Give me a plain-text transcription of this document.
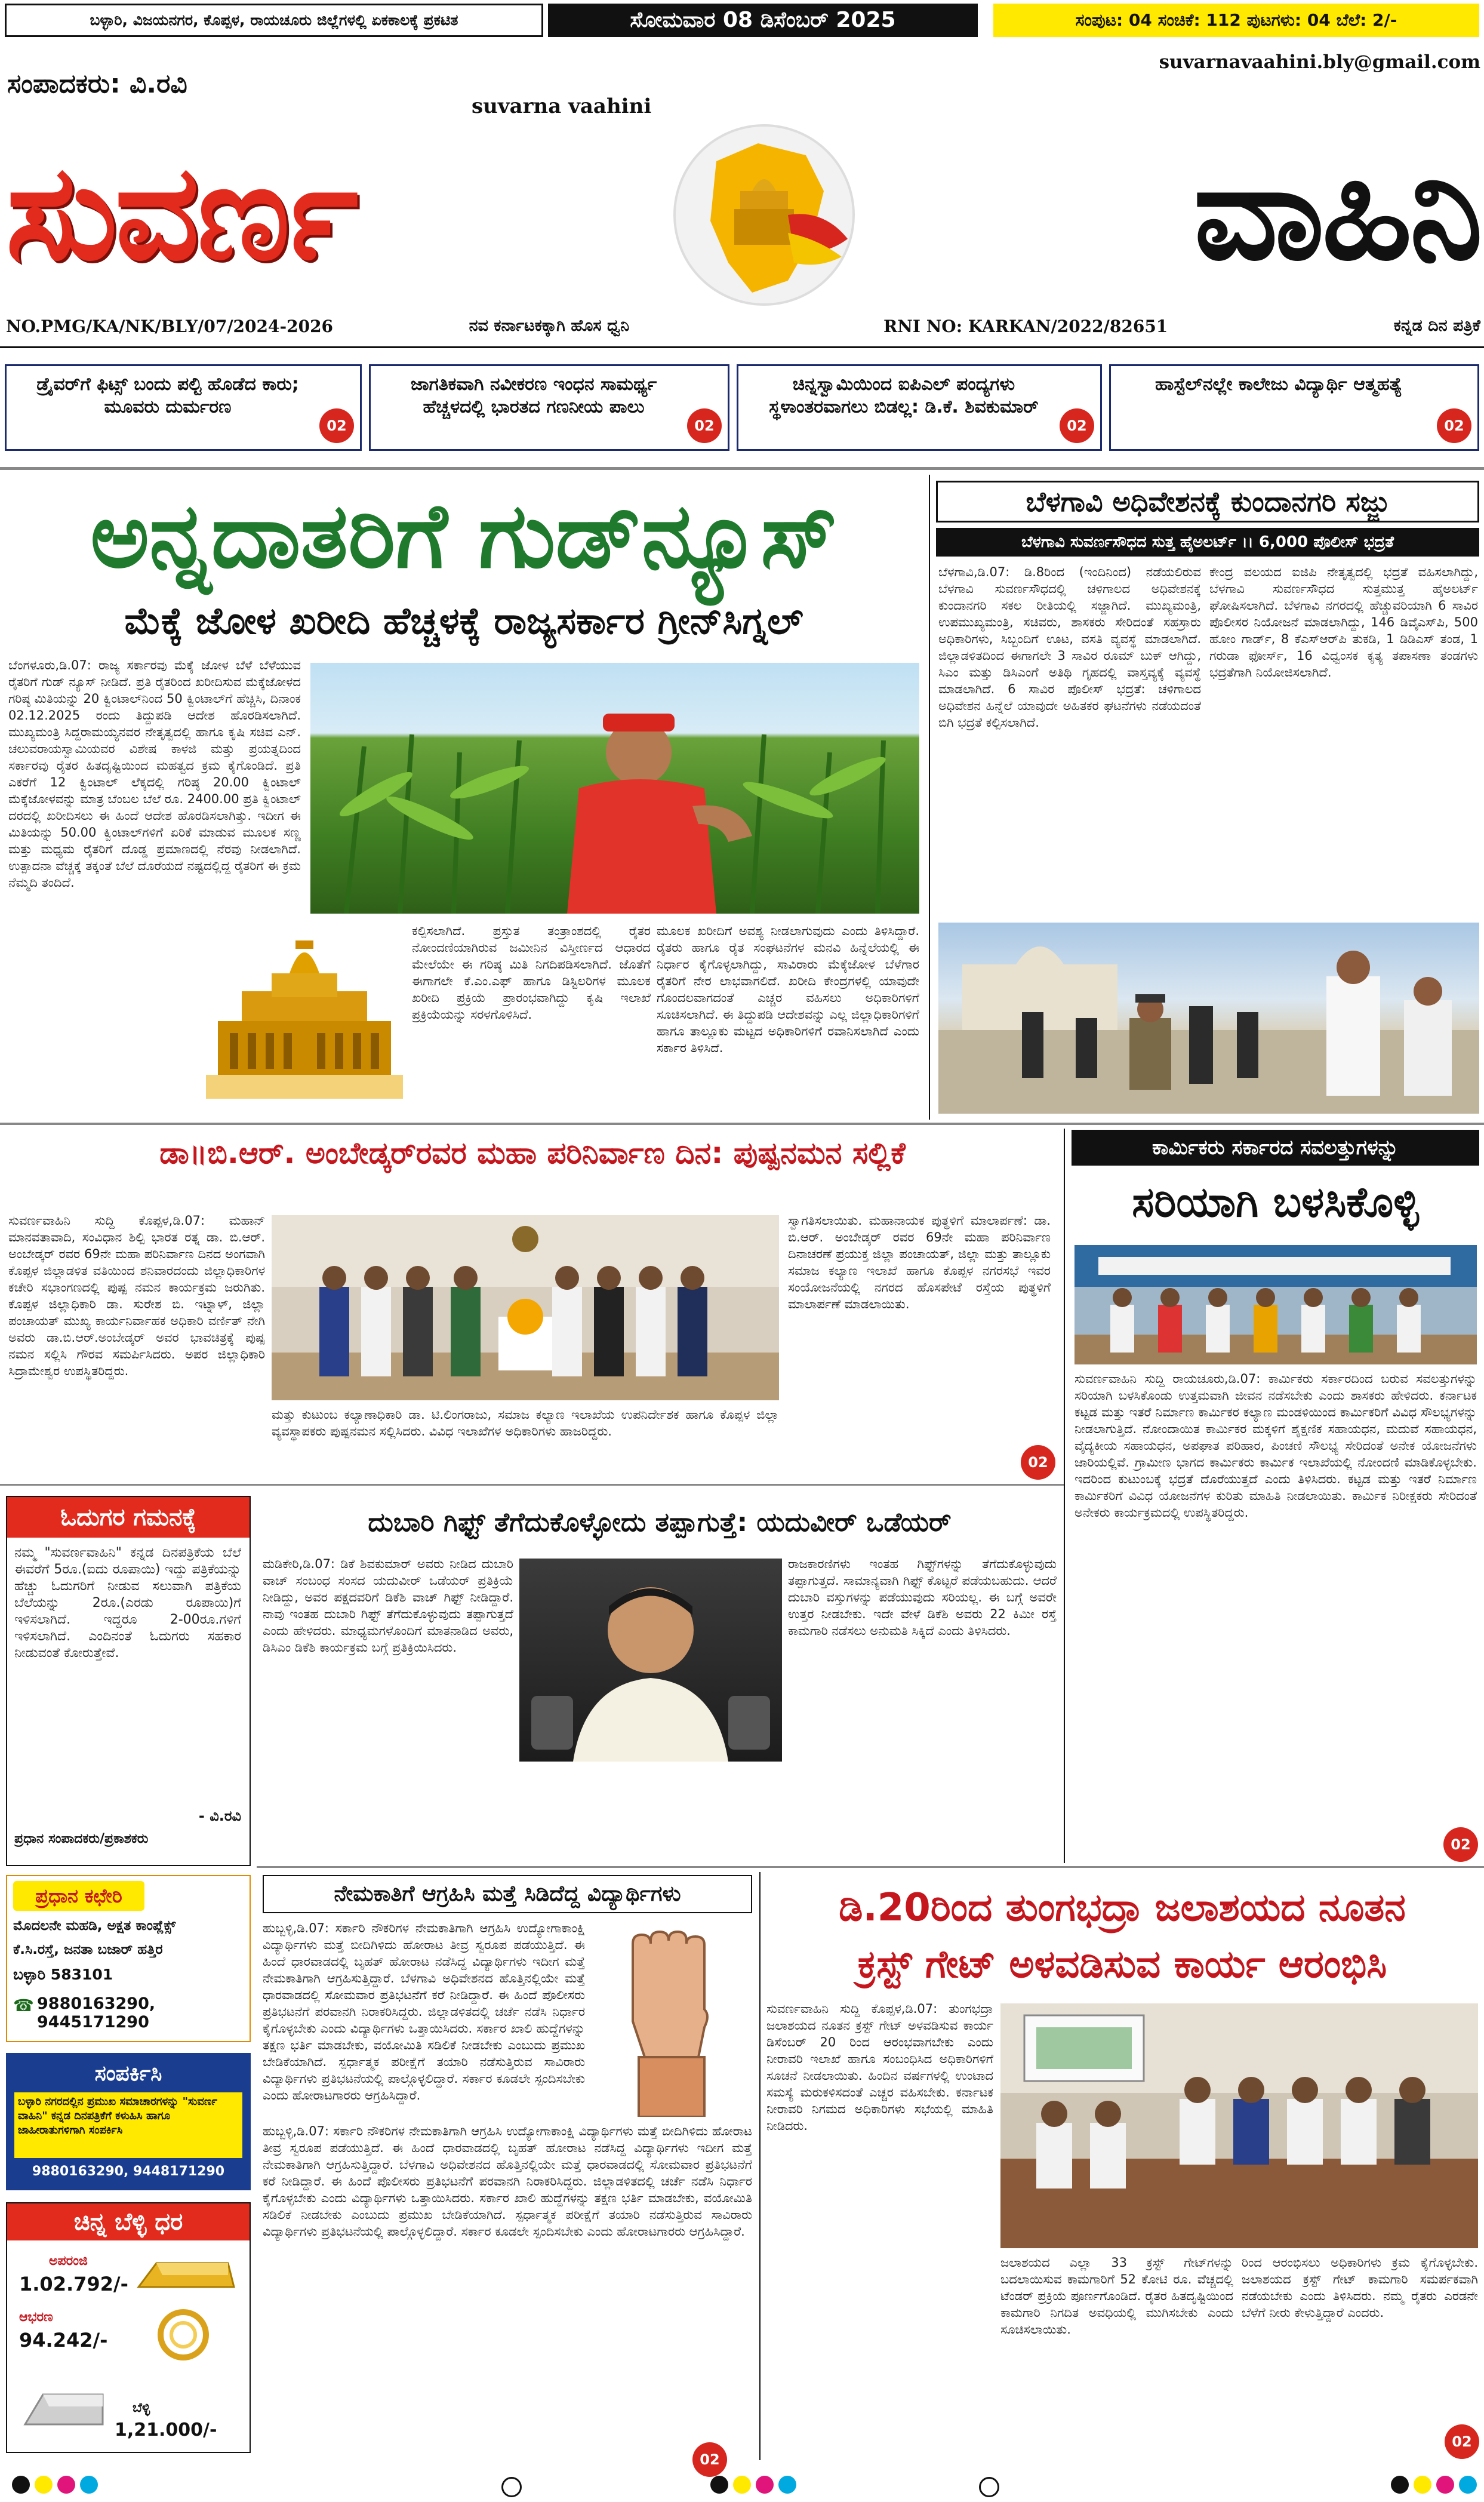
ಬಳ್ಳಾರಿ, ವಿಜಯನಗರ, ಕೊಪ್ಪಳ, ರಾಯಚೂರು ಜಿಲ್ಲೆಗಳಲ್ಲಿ ಏಕಕಾಲಕ್ಕೆ ಪ್ರಕಟಿತ	ಸೋಮವಾರ 08 ಡಿಸೆಂಬರ್ 2025	ಸಂಪುಟ: 04 ಸಂಚಿಕೆ: 112 ಪುಟಗಳು: 04 ಬೆಲೆ: 2/-
suvarnavaahini.bly@gmail.com
ಸಂಪಾದಕರು: ವಿ.ರವಿ
suvarna vaahini
ಸುವರ್ಣ	ವಾಹಿನಿ
NO.PMG/KA/NK/BLY/07/2024-2026	ನವ ಕರ್ನಾಟಕಕ್ಕಾಗಿ ಹೊಸ ಧ್ವನಿ	RNI NO: KARKAN/2022/82651	ಕನ್ನಡ ದಿನ ಪತ್ರಿಕೆ
ಡ್ರೈವರ್‌ಗೆ ಫಿಟ್ಸ್ ಬಂದು ಪಲ್ಟಿ ಹೊಡೆದ ಕಾರು; ಮೂವರು ದುರ್ಮರಣ
02
ಜಾಗತಿಕವಾಗಿ ನವೀಕರಣ ಇಂಧನ ಸಾಮರ್ಥ್ಯ ಹೆಚ್ಚಳದಲ್ಲಿ ಭಾರತದ ಗಣನೀಯ ಪಾಲು
02
ಚಿನ್ನಸ್ವಾಮಿಯಿಂದ ಐಪಿಎಲ್ ಪಂದ್ಯಗಳು ಸ್ಥಳಾಂತರವಾಗಲು ಬಿಡಲ್ಲ: ಡಿ.ಕೆ. ಶಿವಕುಮಾರ್
02
ಹಾಸ್ಟೆಲ್‌ನಲ್ಲೇ ಕಾಲೇಜು ವಿದ್ಯಾರ್ಥಿ ಆತ್ಮಹತ್ಯೆ
02
ಅನ್ನದಾತರಿಗೆ ಗುಡ್‌ನ್ಯೂಸ್
ಮೆಕ್ಕೆ ಜೋಳ ಖರೀದಿ ಹೆಚ್ಚಳಕ್ಕೆ ರಾಜ್ಯಸರ್ಕಾರ ಗ್ರೀನ್‌ಸಿಗ್ನಲ್
ಬೆಂಗಳೂರು,ಡಿ.07: ರಾಜ್ಯ ಸರ್ಕಾರವು ಮೆಕ್ಕೆ ಜೋಳ ಬೆಳೆ ಬೆಳೆಯುವ ರೈತರಿಗೆ ಗುಡ್ ನ್ಯೂಸ್ ನೀಡಿದೆ. ಪ್ರತಿ ರೈತರಿಂದ ಖರೀದಿಸುವ ಮೆಕ್ಕೆಜೋಳದ ಗರಿಷ್ಠ ಮಿತಿಯನ್ನು 20 ಕ್ವಿಂಟಾಲ್‌ನಿಂದ 50 ಕ್ವಿಂಟಾಲ್‌ಗೆ ಹೆಚ್ಚಿಸಿ, ದಿನಾಂಕ 02.12.2025 ರಂದು ತಿದ್ದುಪಡಿ ಆದೇಶ ಹೊರಡಿಸಲಾಗಿದೆ. ಮುಖ್ಯಮಂತ್ರಿ ಸಿದ್ದರಾಮಯ್ಯನವರ ನೇತೃತ್ವದಲ್ಲಿ ಹಾಗೂ ಕೃಷಿ ಸಚಿವ ಎನ್. ಚಲುವರಾಯಸ್ವಾಮಿಯವರ ವಿಶೇಷ ಕಾಳಜಿ ಮತ್ತು ಪ್ರಯತ್ನದಿಂದ ಸರ್ಕಾರವು ರೈತರ ಹಿತದೃಷ್ಟಿಯಿಂದ ಮಹತ್ವದ ಕ್ರಮ ಕೈಗೊಂಡಿದೆ. ಪ್ರತಿ ಎಕರೆಗೆ 12 ಕ್ವಿಂಟಾಲ್ ಲೆಕ್ಕದಲ್ಲಿ ಗರಿಷ್ಠ 20.00 ಕ್ವಿಂಟಾಲ್ ಮೆಕ್ಕೆಜೋಳವನ್ನು ಮಾತ್ರ ಬೆಂಬಲ ಬೆಲೆ ರೂ. 2400.00 ಪ್ರತಿ ಕ್ವಿಂಟಾಲ್ ದರದಲ್ಲಿ ಖರೀದಿಸಲು ಈ ಹಿಂದೆ ಆದೇಶ ಹೊರಡಿಸಲಾಗಿತ್ತು. ಇದೀಗ ಈ ಮಿತಿಯನ್ನು 50.00 ಕ್ವಿಂಟಾಲ್‌ಗಳಿಗೆ ಏರಿಕೆ ಮಾಡುವ ಮೂಲಕ ಸಣ್ಣ ಮತ್ತು ಮಧ್ಯಮ ರೈತರಿಗೆ ದೊಡ್ಡ ಪ್ರಮಾಣದಲ್ಲಿ ನೆರವು ನೀಡಲಾಗಿದೆ. ಉತ್ಪಾದನಾ ವೆಚ್ಚಕ್ಕೆ ತಕ್ಕಂತೆ ಬೆಲೆ ದೊರೆಯದೆ ನಷ್ಟದಲ್ಲಿದ್ದ ರೈತರಿಗೆ ಈ ಕ್ರಮ ನೆಮ್ಮದಿ ತಂದಿದೆ.
ಕಲ್ಪಿಸಲಾಗಿದೆ. ಪ್ರಸ್ತುತ ತಂತ್ರಾಂಶದಲ್ಲಿ ರೈತರ ನೋಂದಣಿಯಾಗಿರುವ ಜಮೀನಿನ ವಿಸ್ತೀರ್ಣದ ಆಧಾರದ ಮೇಲೆಯೇ ಈ ಗರಿಷ್ಠ ಮಿತಿ ನಿಗದಿಪಡಿಸಲಾಗಿದೆ. ಜೊತೆಗೆ ಈಗಾಗಲೇ ಕೆ.ಎಂ.ಎಫ್ ಹಾಗೂ ಡಿಸ್ಟಿಲರಿಗಳ ಮೂಲಕ ಖರೀದಿ ಪ್ರಕ್ರಿಯೆ ಪ್ರಾರಂಭವಾಗಿದ್ದು ಕೃಷಿ ಇಲಾಖೆ ಪ್ರಕ್ರಿಯೆಯನ್ನು ಸರಳಗೊಳಿಸಿದೆ.
ಮೂಲಕ ಖರೀದಿಗೆ ಅವಶ್ಯ ನೀಡಲಾಗುವುದು ಎಂದು ತಿಳಿಸಿದ್ದಾರೆ. ರೈತರು ಹಾಗೂ ರೈತ ಸಂಘಟನೆಗಳ ಮನವಿ ಹಿನ್ನೆಲೆಯಲ್ಲಿ ಈ ನಿರ್ಧಾರ ಕೈಗೊಳ್ಳಲಾಗಿದ್ದು, ಸಾವಿರಾರು ಮೆಕ್ಕೆಜೋಳ ಬೆಳೆಗಾರ ರೈತರಿಗೆ ನೇರ ಲಾಭವಾಗಲಿದೆ. ಖರೀದಿ ಕೇಂದ್ರಗಳಲ್ಲಿ ಯಾವುದೇ ಗೊಂದಲವಾಗದಂತೆ ಎಚ್ಚರ ವಹಿಸಲು ಅಧಿಕಾರಿಗಳಿಗೆ ಸೂಚಿಸಲಾಗಿದೆ. ಈ ತಿದ್ದುಪಡಿ ಆದೇಶವನ್ನು ಎಲ್ಲ ಜಿಲ್ಲಾಧಿಕಾರಿಗಳಿಗೆ ಹಾಗೂ ತಾಲ್ಲೂಕು ಮಟ್ಟದ ಅಧಿಕಾರಿಗಳಿಗೆ ರವಾನಿಸಲಾಗಿದೆ ಎಂದು ಸರ್ಕಾರ ತಿಳಿಸಿದೆ.
ಬೆಳಗಾವಿ ಅಧಿವೇಶನಕ್ಕೆ ಕುಂದಾನಗರಿ ಸಜ್ಜು
ಬೆಳಗಾವಿ ಸುವರ್ಣಸೌಧದ ಸುತ್ತ ಹೈಅಲರ್ಟ್ ।। 6,000 ಪೊಲೀಸ್ ಭದ್ರತೆ
ಬೆಳಗಾವಿ,ಡಿ.07: ಡಿ.8ರಿಂದ (ಇಂದಿನಿಂದ) ನಡೆಯಲಿರುವ ಬೆಳಗಾವಿ ಸುವರ್ಣಸೌಧದಲ್ಲಿ ಚಳಿಗಾಲದ ಅಧಿವೇಶನಕ್ಕೆ ಕುಂದಾನಗರಿ ಸಕಲ ರೀತಿಯಲ್ಲಿ ಸಜ್ಜಾಗಿದೆ. ಮುಖ್ಯಮಂತ್ರಿ, ಉಪಮುಖ್ಯಮಂತ್ರಿ, ಸಚಿವರು, ಶಾಸಕರು ಸೇರಿದಂತೆ ಸಹಸ್ರಾರು ಅಧಿಕಾರಿಗಳು, ಸಿಬ್ಬಂದಿಗೆ ಊಟ, ವಸತಿ ವ್ಯವಸ್ಥೆ ಮಾಡಲಾಗಿದೆ. ಜಿಲ್ಲಾಡಳಿತದಿಂದ ಈಗಾಗಲೇ 3 ಸಾವಿರ ರೂಮ್ ಬುಕ್ ಆಗಿದ್ದು, ಸಿಎಂ ಮತ್ತು ಡಿಸಿಎಂಗೆ ಅತಿಥಿ ಗೃಹದಲ್ಲಿ ವಾಸ್ತವ್ಯಕ್ಕೆ ವ್ಯವಸ್ಥೆ ಮಾಡಲಾಗಿದೆ. 6 ಸಾವಿರ ಪೊಲೀಸ್ ಭದ್ರತೆ: ಚಳಿಗಾಲದ ಅಧಿವೇಶನ ಹಿನ್ನೆಲೆ ಯಾವುದೇ ಅಹಿತಕರ ಘಟನೆಗಳು ನಡೆಯದಂತೆ ಬಿಗಿ ಭದ್ರತೆ ಕಲ್ಪಿಸಲಾಗಿದೆ.
ಕೇಂದ್ರ ವಲಯದ ಐಜಿಪಿ ನೇತೃತ್ವದಲ್ಲಿ ಭದ್ರತೆ ವಹಿಸಲಾಗಿದ್ದು, ಬೆಳಗಾವಿ ಸುವರ್ಣಸೌಧದ ಸುತ್ತಮುತ್ತ ಹೈಅಲರ್ಟ್ ಘೋಷಿಸಲಾಗಿದೆ. ಬೆಳಗಾವಿ ನಗರದಲ್ಲಿ ಹೆಚ್ಚುವರಿಯಾಗಿ 6 ಸಾವಿರ ಪೊಲೀಸರ ನಿಯೋಜನೆ ಮಾಡಲಾಗಿದ್ದು, 146 ಡಿವೈಎಸ್‌ಪಿ, 500 ಹೋಂ ಗಾರ್ಡ್, 8 ಕೆಎಸ್‌ಆರ್‌ಪಿ ತುಕಡಿ, 1 ಡಿಡಿಎಸ್ ತಂಡ, 1 ಗರುಡಾ ಫೋರ್ಸ್, 16 ವಿಧ್ವಂಸಕ ಕೃತ್ಯ ತಪಾಸಣಾ ತಂಡಗಳು ಭದ್ರತೆಗಾಗಿ ನಿಯೋಜಿಸಲಾಗಿದೆ.
ಡಾ॥ಬಿ.ಆರ್. ಅಂಬೇಡ್ಕರ್‌ರವರ ಮಹಾ ಪರಿನಿರ್ವಾಣ ದಿನ: ಪುಷ್ಪನಮನ ಸಲ್ಲಿಕೆ
ಸುವರ್ಣವಾಹಿನಿ ಸುದ್ದಿ ಕೊಪ್ಪಳ,ಡಿ.07: ಮಹಾನ್ ಮಾನವತಾವಾದಿ, ಸಂವಿಧಾನ ಶಿಲ್ಪಿ ಭಾರತ ರತ್ನ ಡಾ. ಬಿ.ಆರ್. ಅಂಬೇಡ್ಕರ್ ರವರ 69ನೇ ಮಹಾ ಪರಿನಿರ್ವಾಣ ದಿನದ ಅಂಗವಾಗಿ ಕೊಪ್ಪಳ ಜಿಲ್ಲಾಡಳಿತ ವತಿಯಿಂದ ಶನಿವಾರದಂದು ಜಿಲ್ಲಾಧಿಕಾರಿಗಳ ಕಚೇರಿ ಸಭಾಂಗಣದಲ್ಲಿ ಪುಷ್ಪ ನಮನ ಕಾರ್ಯಕ್ರಮ ಜರುಗಿತು. ಕೊಪ್ಪಳ ಜಿಲ್ಲಾಧಿಕಾರಿ ಡಾ. ಸುರೇಶ ಬಿ. ಇಟ್ನಾಳ್, ಜಿಲ್ಲಾ ಪಂಚಾಯತ್ ಮುಖ್ಯ ಕಾರ್ಯನಿರ್ವಾಹಕ ಅಧಿಕಾರಿ ವರ್ಣಿತ್ ನೇಗಿ ಅವರು ಡಾ.ಬಿ.ಆರ್.ಅಂಬೇಡ್ಕರ್ ಅವರ ಭಾವಚಿತ್ರಕ್ಕೆ ಪುಷ್ಪ ನಮನ ಸಲ್ಲಿಸಿ ಗೌರವ ಸಮರ್ಪಿಸಿದರು. ಅಪರ ಜಿಲ್ಲಾಧಿಕಾರಿ ಸಿದ್ರಾಮೇಶ್ವರ ಉಪಸ್ಥಿತರಿದ್ದರು.
ಮತ್ತು ಕುಟುಂಬ ಕಲ್ಯಾಣಾಧಿಕಾರಿ ಡಾ. ಟಿ.ಲಿಂಗರಾಜು, ಸಮಾಜ ಕಲ್ಯಾಣ ಇಲಾಖೆಯ ಉಪನಿರ್ದೇಶಕ ಹಾಗೂ ಕೊಪ್ಪಳ ಜಿಲ್ಲಾ ವ್ಯವಸ್ಥಾಪಕರು ಪುಷ್ಪನಮನ ಸಲ್ಲಿಸಿದರು. ವಿವಿಧ ಇಲಾಖೆಗಳ ಅಧಿಕಾರಿಗಳು ಹಾಜರಿದ್ದರು.
ಸ್ವಾಗತಿಸಲಾಯಿತು. ಮಹಾನಾಯಕ ಪುತ್ಥಳಿಗೆ ಮಾಲಾರ್ಪಣೆ: ಡಾ. ಬಿ.ಆರ್. ಅಂಬೇಡ್ಕರ್ ರವರ 69ನೇ ಮಹಾ ಪರಿನಿರ್ವಾಣ ದಿನಾಚರಣೆ ಪ್ರಯುಕ್ತ ಜಿಲ್ಲಾ ಪಂಚಾಯತ್, ಜಿಲ್ಲಾ ಮತ್ತು ತಾಲ್ಲೂಕು ಸಮಾಜ ಕಲ್ಯಾಣ ಇಲಾಖೆ ಹಾಗೂ ಕೊಪ್ಪಳ ನಗರಸಭೆ ಇವರ ಸಂಯೋಜನೆಯಲ್ಲಿ ನಗರದ ಹೊಸಪೇಟೆ ರಸ್ತೆಯ ಪುತ್ಥಳಿಗೆ ಮಾಲಾರ್ಪಣೆ ಮಾಡಲಾಯಿತು.
02
ಕಾರ್ಮಿಕರು ಸರ್ಕಾರದ ಸವಲತ್ತುಗಳನ್ನು
ಸರಿಯಾಗಿ ಬಳಸಿಕೊಳ್ಳಿ
ಸುವರ್ಣವಾಹಿನಿ ಸುದ್ದಿ ರಾಯಚೂರು,ಡಿ.07: ಕಾರ್ಮಿಕರು ಸರ್ಕಾರದಿಂದ ಬರುವ ಸವಲತ್ತುಗಳನ್ನು ಸರಿಯಾಗಿ ಬಳಸಿಕೊಂಡು ಉತ್ತಮವಾಗಿ ಜೀವನ ನಡೆಸಬೇಕು ಎಂದು ಶಾಸಕರು ಹೇಳಿದರು. ಕರ್ನಾಟಕ ಕಟ್ಟಡ ಮತ್ತು ಇತರೆ ನಿರ್ಮಾಣ ಕಾರ್ಮಿಕರ ಕಲ್ಯಾಣ ಮಂಡಳಿಯಿಂದ ಕಾರ್ಮಿಕರಿಗೆ ವಿವಿಧ ಸೌಲಭ್ಯಗಳನ್ನು ನೀಡಲಾಗುತ್ತಿದೆ. ನೋಂದಾಯಿತ ಕಾರ್ಮಿಕರ ಮಕ್ಕಳಿಗೆ ಶೈಕ್ಷಣಿಕ ಸಹಾಯಧನ, ಮದುವೆ ಸಹಾಯಧನ, ವೈದ್ಯಕೀಯ ಸಹಾಯಧನ, ಅಪಘಾತ ಪರಿಹಾರ, ಪಿಂಚಣಿ ಸೌಲಭ್ಯ ಸೇರಿದಂತೆ ಅನೇಕ ಯೋಜನೆಗಳು ಜಾರಿಯಲ್ಲಿವೆ. ಗ್ರಾಮೀಣ ಭಾಗದ ಕಾರ್ಮಿಕರು ಕಾರ್ಮಿಕ ಇಲಾಖೆಯಲ್ಲಿ ನೋಂದಣಿ ಮಾಡಿಕೊಳ್ಳಬೇಕು. ಇದರಿಂದ ಕುಟುಂಬಕ್ಕೆ ಭದ್ರತೆ ದೊರೆಯುತ್ತದೆ ಎಂದು ತಿಳಿಸಿದರು. ಕಟ್ಟಡ ಮತ್ತು ಇತರೆ ನಿರ್ಮಾಣ ಕಾರ್ಮಿಕರಿಗೆ ವಿವಿಧ ಯೋಜನೆಗಳ ಕುರಿತು ಮಾಹಿತಿ ನೀಡಲಾಯಿತು. ಕಾರ್ಮಿಕ ನಿರೀಕ್ಷಕರು ಸೇರಿದಂತೆ ಅನೇಕರು ಕಾರ್ಯಕ್ರಮದಲ್ಲಿ ಉಪಸ್ಥಿತರಿದ್ದರು.
02
ಓದುಗರ ಗಮನಕ್ಕೆ
ನಮ್ಮ "ಸುವರ್ಣವಾಹಿನಿ" ಕನ್ನಡ ದಿನಪತ್ರಿಕೆಯ ಬೆಲೆ ಈವರೆಗೆ 5ರೂ.(ಐದು ರೂಪಾಯಿ) ಇದ್ದು ಪತ್ರಿಕೆಯನ್ನು ಹೆಚ್ಚು ಓದುಗರಿಗೆ ನೀಡುವ ಸಲುವಾಗಿ ಪತ್ರಿಕೆಯ ಬೆಲೆಯನ್ನು 2ರೂ.(ಎರಡು ರೂಪಾಯಿ)ಗೆ ಇಳಿಸಲಾಗಿದೆ. ಇದ್ದರೂ 2-00ರೂ.ಗಳಿಗೆ ಇಳಿಸಲಾಗಿದೆ. ಎಂದಿನಂತೆ ಓದುಗರು ಸಹಕಾರ ನೀಡುವಂತೆ ಕೋರುತ್ತೇವೆ.
- ವಿ.ರವಿ
ಪ್ರಧಾನ ಸಂಪಾದಕರು/ಪ್ರಕಾಶಕರು
ದುಬಾರಿ ಗಿಫ್ಟ್ ತೆಗೆದುಕೊಳ್ಳೋದು ತಪ್ಪಾಗುತ್ತೆ: ಯದುವೀರ್ ಒಡೆಯರ್
ಮಡಿಕೇರಿ,ಡಿ.07: ಡಿಕೆ ಶಿವಕುಮಾರ್ ಅವರು ನೀಡಿದ ದುಬಾರಿ ವಾಚ್ ಸಂಬಂಧ ಸಂಸದ ಯದುವೀರ್ ಒಡೆಯರ್ ಪ್ರತಿಕ್ರಿಯೆ ನೀಡಿದ್ದು, ಅವರ ಪಕ್ಷದವರಿಗೆ ಡಿಕೆಶಿ ವಾಚ್ ಗಿಫ್ಟ್ ನೀಡಿದ್ದಾರೆ. ನಾವು ಇಂತಹ ದುಬಾರಿ ಗಿಫ್ಟ್ ತೆಗೆದುಕೊಳ್ಳುವುದು ತಪ್ಪಾಗುತ್ತದೆ ಎಂದು ಹೇಳಿದರು. ಮಾಧ್ಯಮಗಳೊಂದಿಗೆ ಮಾತನಾಡಿದ ಅವರು, ಡಿಸಿಎಂ ಡಿಕೆಶಿ ಕಾರ್ಯಕ್ರಮ ಬಗ್ಗೆ ಪ್ರತಿಕ್ರಿಯಿಸಿದರು.
ರಾಜಕಾರಣಿಗಳು ಇಂತಹ ಗಿಫ್ಟ್‌ಗಳನ್ನು ತೆಗೆದುಕೊಳ್ಳುವುದು ತಪ್ಪಾಗುತ್ತದೆ. ಸಾಮಾನ್ಯವಾಗಿ ಗಿಫ್ಟ್ ಕೊಟ್ಟರೆ ಪಡೆಯಬಹುದು. ಆದರೆ ದುಬಾರಿ ವಸ್ತುಗಳನ್ನು ಪಡೆಯುವುದು ಸರಿಯಲ್ಲ. ಈ ಬಗ್ಗೆ ಅವರೇ ಉತ್ತರ ನೀಡಬೇಕು. ಇದೇ ವೇಳೆ ಡಿಕೆಶಿ ಅವರು 22 ಕಿಮೀ ರಸ್ತೆ ಕಾಮಗಾರಿ ನಡೆಸಲು ಅನುಮತಿ ಸಿಕ್ಕಿದೆ ಎಂದು ತಿಳಿಸಿದರು.
ಪ್ರಧಾನ ಕಛೇರಿ
ಮೊದಲನೇ ಮಹಡಿ, ಅಕ್ಷತ ಕಾಂಪ್ಲೆಕ್ಸ್
ಕೆ.ಸಿ.ರಸ್ತೆ, ಜನತಾ ಬಜಾರ್ ಹತ್ತಿರ
ಬಳ್ಳಾರಿ 583101
☎ 9880163290, 9445171290
ಸಂಪರ್ಕಿಸಿ
ಬಳ್ಳಾರಿ ನಗರದಲ್ಲಿನ ಪ್ರಮುಖ ಸಮಾಚಾರಗಳನ್ನು "ಸುವರ್ಣ ವಾಹಿನಿ" ಕನ್ನಡ ದಿನಪತ್ರಿಕೆಗೆ ಕಳುಹಿಸಿ ಹಾಗೂ ಜಾಹೀರಾತುಗಳಿಗಾಗಿ ಸಂಪರ್ಕಿಸಿ
9880163290, 9448171290
ಚಿನ್ನ ಬೆಳ್ಳಿ ಧರ
ಅಪರಂಜಿ
1.02.792/-
ಆಭರಣ
94.242/-
ಬೆಳ್ಳಿ
1,21.000/-
ನೇಮಕಾತಿಗೆ ಆಗ್ರಹಿಸಿ ಮತ್ತೆ ಸಿಡಿದೆದ್ದ ವಿದ್ಯಾರ್ಥಿಗಳು
ಹುಬ್ಬಳ್ಳಿ,ಡಿ.07: ಸರ್ಕಾರಿ ನೌಕರಿಗಳ ನೇಮಕಾತಿಗಾಗಿ ಆಗ್ರಹಿಸಿ ಉದ್ಯೋಗಾಕಾಂಕ್ಷಿ ವಿದ್ಯಾರ್ಥಿಗಳು ಮತ್ತೆ ಬೀದಿಗಿಳಿದು ಹೋರಾಟ ತೀವ್ರ ಸ್ವರೂಪ ಪಡೆಯುತ್ತಿದೆ. ಈ ಹಿಂದೆ ಧಾರವಾಡದಲ್ಲಿ ಬೃಹತ್ ಹೋರಾಟ ನಡೆಸಿದ್ದ ವಿದ್ಯಾರ್ಥಿಗಳು ಇದೀಗ ಮತ್ತೆ ನೇಮಕಾತಿಗಾಗಿ ಆಗ್ರಹಿಸುತ್ತಿದ್ದಾರೆ. ಬೆಳಗಾವಿ ಅಧಿವೇಶನದ ಹೊತ್ತಿನಲ್ಲಿಯೇ ಮತ್ತೆ ಧಾರವಾಡದಲ್ಲಿ ಸೋಮವಾರ ಪ್ರತಿಭಟನೆಗೆ ಕರೆ ನೀಡಿದ್ದಾರೆ. ಈ ಹಿಂದೆ ಪೊಲೀಸರು ಪ್ರತಿಭಟನೆಗೆ ಪರವಾನಗಿ ನಿರಾಕರಿಸಿದ್ದರು. ಜಿಲ್ಲಾಡಳಿತದಲ್ಲಿ ಚರ್ಚೆ ನಡೆಸಿ ನಿರ್ಧಾರ ಕೈಗೊಳ್ಳಬೇಕು ಎಂದು ವಿದ್ಯಾರ್ಥಿಗಳು ಒತ್ತಾಯಿಸಿದರು. ಸರ್ಕಾರ ಖಾಲಿ ಹುದ್ದೆಗಳನ್ನು ತಕ್ಷಣ ಭರ್ತಿ ಮಾಡಬೇಕು, ವಯೋಮಿತಿ ಸಡಿಲಿಕೆ ನೀಡಬೇಕು ಎಂಬುದು ಪ್ರಮುಖ ಬೇಡಿಕೆಯಾಗಿದೆ. ಸ್ಪರ್ಧಾತ್ಮಕ ಪರೀಕ್ಷೆಗೆ ತಯಾರಿ ನಡೆಸುತ್ತಿರುವ ಸಾವಿರಾರು ವಿದ್ಯಾರ್ಥಿಗಳು ಪ್ರತಿಭಟನೆಯಲ್ಲಿ ಪಾಲ್ಗೊಳ್ಳಲಿದ್ದಾರೆ. ಸರ್ಕಾರ ಕೂಡಲೇ ಸ್ಪಂದಿಸಬೇಕು ಎಂದು ಹೋರಾಟಗಾರರು ಆಗ್ರಹಿಸಿದ್ದಾರೆ.
ಹುಬ್ಬಳ್ಳಿ,ಡಿ.07: ಸರ್ಕಾರಿ ನೌಕರಿಗಳ ನೇಮಕಾತಿಗಾಗಿ ಆಗ್ರಹಿಸಿ ಉದ್ಯೋಗಾಕಾಂಕ್ಷಿ ವಿದ್ಯಾರ್ಥಿಗಳು ಮತ್ತೆ ಬೀದಿಗಿಳಿದು ಹೋರಾಟ ತೀವ್ರ ಸ್ವರೂಪ ಪಡೆಯುತ್ತಿದೆ. ಈ ಹಿಂದೆ ಧಾರವಾಡದಲ್ಲಿ ಬೃಹತ್ ಹೋರಾಟ ನಡೆಸಿದ್ದ ವಿದ್ಯಾರ್ಥಿಗಳು ಇದೀಗ ಮತ್ತೆ ನೇಮಕಾತಿಗಾಗಿ ಆಗ್ರಹಿಸುತ್ತಿದ್ದಾರೆ. ಬೆಳಗಾವಿ ಅಧಿವೇಶನದ ಹೊತ್ತಿನಲ್ಲಿಯೇ ಮತ್ತೆ ಧಾರವಾಡದಲ್ಲಿ ಸೋಮವಾರ ಪ್ರತಿಭಟನೆಗೆ ಕರೆ ನೀಡಿದ್ದಾರೆ. ಈ ಹಿಂದೆ ಪೊಲೀಸರು ಪ್ರತಿಭಟನೆಗೆ ಪರವಾನಗಿ ನಿರಾಕರಿಸಿದ್ದರು. ಜಿಲ್ಲಾಡಳಿತದಲ್ಲಿ ಚರ್ಚೆ ನಡೆಸಿ ನಿರ್ಧಾರ ಕೈಗೊಳ್ಳಬೇಕು ಎಂದು ವಿದ್ಯಾರ್ಥಿಗಳು ಒತ್ತಾಯಿಸಿದರು. ಸರ್ಕಾರ ಖಾಲಿ ಹುದ್ದೆಗಳನ್ನು ತಕ್ಷಣ ಭರ್ತಿ ಮಾಡಬೇಕು, ವಯೋಮಿತಿ ಸಡಿಲಿಕೆ ನೀಡಬೇಕು ಎಂಬುದು ಪ್ರಮುಖ ಬೇಡಿಕೆಯಾಗಿದೆ. ಸ್ಪರ್ಧಾತ್ಮಕ ಪರೀಕ್ಷೆಗೆ ತಯಾರಿ ನಡೆಸುತ್ತಿರುವ ಸಾವಿರಾರು ವಿದ್ಯಾರ್ಥಿಗಳು ಪ್ರತಿಭಟನೆಯಲ್ಲಿ ಪಾಲ್ಗೊಳ್ಳಲಿದ್ದಾರೆ. ಸರ್ಕಾರ ಕೂಡಲೇ ಸ್ಪಂದಿಸಬೇಕು ಎಂದು ಹೋರಾಟಗಾರರು ಆಗ್ರಹಿಸಿದ್ದಾರೆ.
02
ಡಿ.20ರಿಂದ ತುಂಗಭದ್ರಾ ಜಲಾಶಯದ ನೂತನ
ಕ್ರಸ್ಟ್ ಗೇಟ್ ಅಳವಡಿಸುವ ಕಾರ್ಯ ಆರಂಭಿಸಿ
ಸುವರ್ಣವಾಹಿನಿ ಸುದ್ದಿ ಕೊಪ್ಪಳ,ಡಿ.07: ತುಂಗಭದ್ರಾ ಜಲಾಶಯದ ನೂತನ ಕ್ರಸ್ಟ್ ಗೇಟ್ ಅಳವಡಿಸುವ ಕಾರ್ಯ ಡಿಸೆಂಬರ್ 20 ರಿಂದ ಆರಂಭವಾಗಬೇಕು ಎಂದು ನೀರಾವರಿ ಇಲಾಖೆ ಹಾಗೂ ಸಂಬಂಧಿಸಿದ ಅಧಿಕಾರಿಗಳಿಗೆ ಸೂಚನೆ ನೀಡಲಾಯಿತು. ಹಿಂದಿನ ವರ್ಷಗಳಲ್ಲಿ ಉಂಟಾದ ಸಮಸ್ಯೆ ಮರುಕಳಿಸದಂತೆ ಎಚ್ಚರ ವಹಿಸಬೇಕು. ಕರ್ನಾಟಕ ನೀರಾವರಿ ನಿಗಮದ ಅಧಿಕಾರಿಗಳು ಸಭೆಯಲ್ಲಿ ಮಾಹಿತಿ ನೀಡಿದರು.
ಜಲಾಶಯದ ಎಲ್ಲಾ 33 ಕ್ರಸ್ಟ್ ಗೇಟ್‌ಗಳನ್ನು ಬದಲಾಯಿಸುವ ಕಾಮಗಾರಿಗೆ 52 ಕೋಟಿ ರೂ. ವೆಚ್ಚದಲ್ಲಿ ಟೆಂಡರ್ ಪ್ರಕ್ರಿಯೆ ಪೂರ್ಣಗೊಂಡಿದೆ. ರೈತರ ಹಿತದೃಷ್ಟಿಯಿಂದ ಕಾಮಗಾರಿ ನಿಗದಿತ ಅವಧಿಯಲ್ಲಿ ಮುಗಿಸಬೇಕು ಎಂದು ಸೂಚಿಸಲಾಯಿತು.
ರಿಂದ ಆರಂಭಿಸಲು ಅಧಿಕಾರಿಗಳು ಕ್ರಮ ಕೈಗೊಳ್ಳಬೇಕು. ಜಲಾಶಯದ ಕ್ರಸ್ಟ್ ಗೇಟ್ ಕಾಮಗಾರಿ ಸಮರ್ಪಕವಾಗಿ ನಡೆಯಬೇಕು ಎಂದು ತಿಳಿಸಿದರು. ನಮ್ಮ ರೈತರು ಎರಡನೇ ಬೆಳೆಗೆ ನೀರು ಕೇಳುತ್ತಿದ್ದಾರೆ ಎಂದರು.
02
